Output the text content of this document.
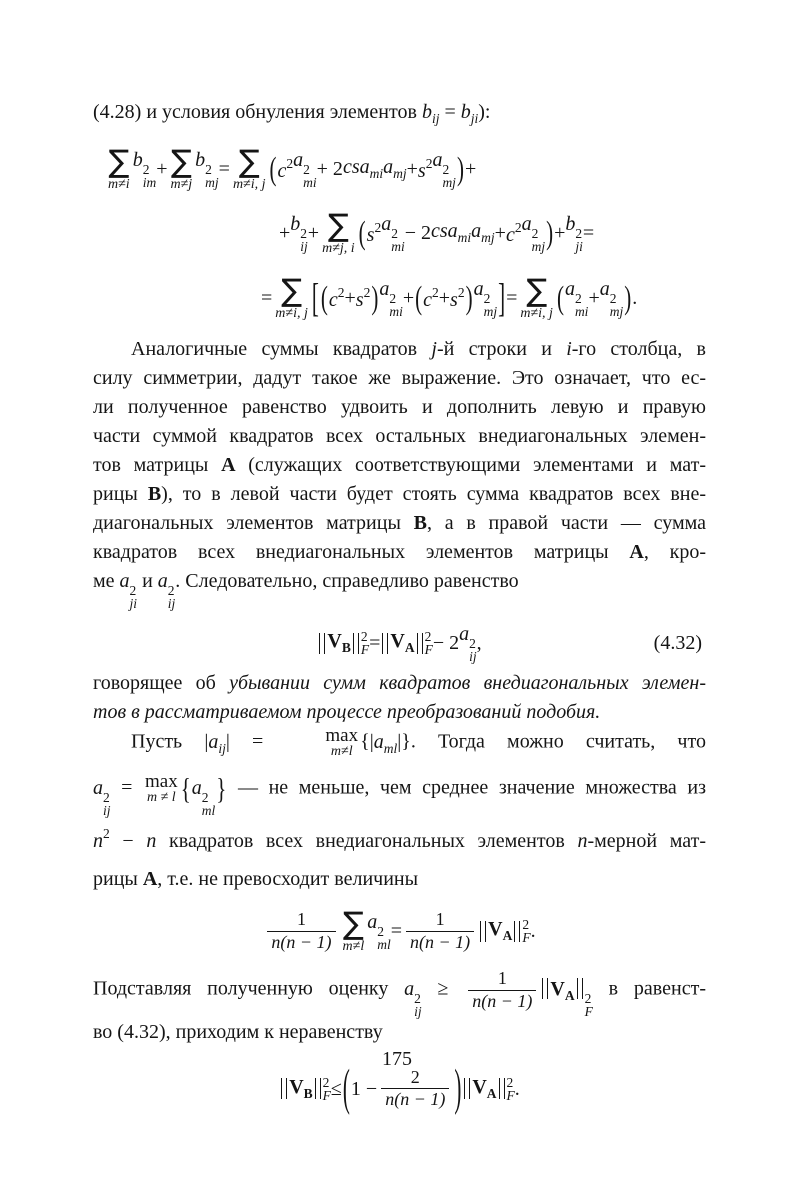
(4.28) и условия обнуления элементов $b_{ij} = b_{ji}$):
∑
m≠i
b 2
im
+ ∑
m≠j
b 2
mj
= ∑
m≠i, j ( $c^2$ a 2
mi
+ 2 csa$_{mi}$ $a_{mj} + s^2$ a 2
mj ) +
+ b 2
ij
+ ∑
m≠j, i ( $s^2$ a 2
mi
− 2 csa$_{mi}$ $a_{mj} + c^2$ a 2
mj ) + b 2
ji
=
= ∑
m≠i, j [ ( $c^2 + s^2$ ) a 2
mi
+ ( $c^2 + s^2$ ) a 2
mj ] = ∑
m≠i, j ( a 2
mi
+ a 2
mj ) .
Аналогичные суммы квадратов j-й строки и i-го столбца, в
силу симметрии, дадут такое же выражение. Это означает, что ес-
ли полученное равенство удвоить и дополнить левую и правую
части суммой квадратов всех остальных внедиагональных элемен-
тов матрицы A (служащих соответствующими элементами и мат-
рицы B), то в левой части будет стоять сумма квадратов всех вне-
диагональных элементов матрицы B, а в правой части — сумма
квадратов всех внедиагональных элементов матрицы A, кро-
ме a 2
ji
и a 2
ij
. Следовательно, справедливо равенство
$V_B$
2
$F = V_A$
2
F − 2 a 2
ij
,	(4.32)
говорящее об убывании сумм квадратов внедиагональных элемен-
тов в рассматриваемом процессе преобразований подобия.
Пусть $|a_{ij}|$ =	max
m≠l $\{|a_{ml}|\}$. Тогда можно считать, что
a 2
ij
= max
m ≠ l {a 2
ml
} — не меньше, чем среднее значение множества из
$n^2 - n$ квадратов всех внедиагональных элементов n-мерной мат-
рицы A, т.е. не превосходит величины
$\frac{1}{n(n - 1)}$ ∑
m≠l
a 2
ml
= $\frac{1}{n(n - 1)} V_A$
2
F .
Подставляя полученную оценку a 2
ij
≥ $\frac{1}{n(n - 1)} V_A$ 2
F
в равенст-
во (4.32), приходим к неравенству
$V_B$
2
F ≤ ( $1 - \frac{2}{n(n - 1)}$ ) $V_A$
2
F .
175
